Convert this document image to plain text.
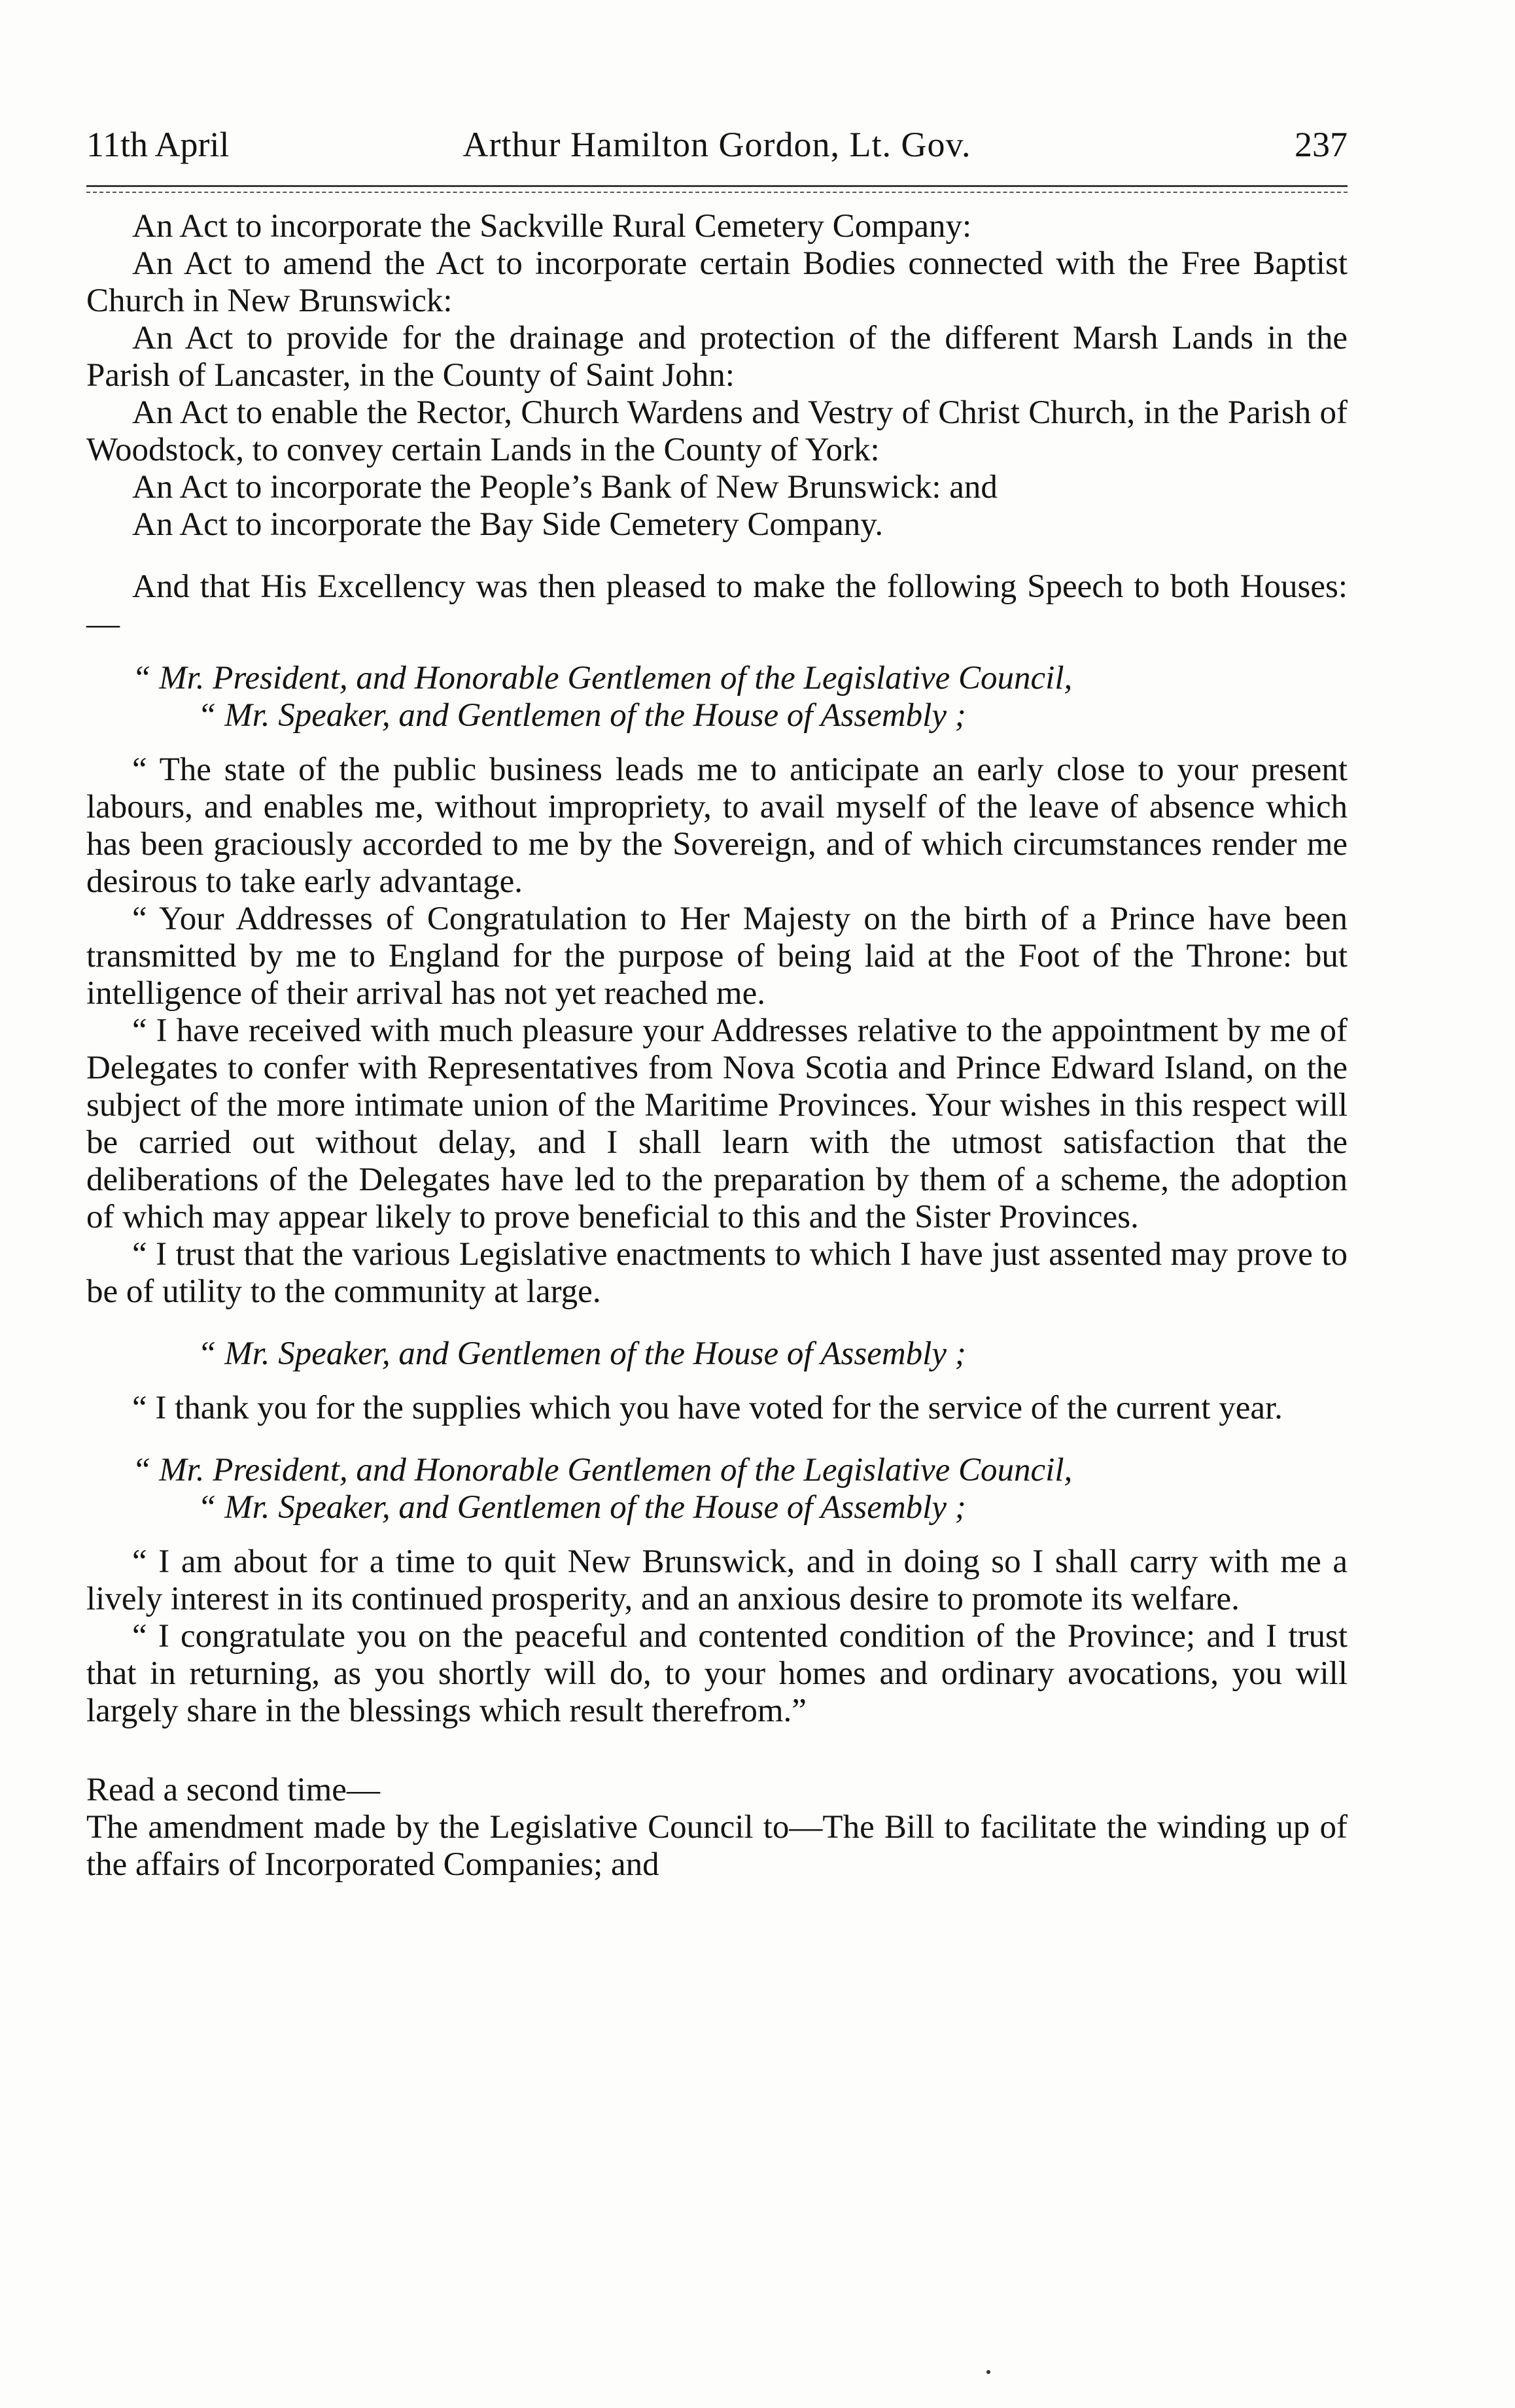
11th April	Arthur Hamilton Gordon, Lt. Gov.	237

An Act to incorporate the Sackville Rural Cemetery Company:

An Act to amend the Act to incorporate certain Bodies connected with the Free Baptist Church in New Brunswick:

An Act to provide for the drainage and protection of the different Marsh Lands in the Parish of Lancaster, in the County of Saint John:

An Act to enable the Rector, Church Wardens and Vestry of Christ Church, in the Parish of Woodstock, to convey certain Lands in the County of York:

An Act to incorporate the People’s Bank of New Brunswick: and

An Act to incorporate the Bay Side Cemetery Company.

And that His Excellency was then pleased to make the following Speech to both Houses:—

“ Mr. President, and Honorable Gentlemen of the Legislative Council,
“ Mr. Speaker, and Gentlemen of the House of Assembly ;

“ The state of the public business leads me to anticipate an early close to your present labours, and enables me, without impropriety, to avail myself of the leave of absence which has been graciously accorded to me by the Sovereign, and of which circumstances render me desirous to take early advantage.

“ Your Addresses of Congratulation to Her Majesty on the birth of a Prince have been transmitted by me to England for the purpose of being laid at the Foot of the Throne: but intelligence of their arrival has not yet reached me.

“ I have received with much pleasure your Addresses relative to the appointment by me of Delegates to confer with Representatives from Nova Scotia and Prince Edward Island, on the subject of the more intimate union of the Maritime Provinces. Your wishes in this respect will be carried out without delay, and I shall learn with the utmost satisfaction that the deliberations of the Delegates have led to the preparation by them of a scheme, the adoption of which may appear likely to prove beneficial to this and the Sister Provinces.

“ I trust that the various Legislative enactments to which I have just assented may prove to be of utility to the community at large.

“ Mr. Speaker, and Gentlemen of the House of Assembly ;

“ I thank you for the supplies which you have voted for the service of the current year.

“ Mr. President, and Honorable Gentlemen of the Legislative Council,
“ Mr. Speaker, and Gentlemen of the House of Assembly ;

“ I am about for a time to quit New Brunswick, and in doing so I shall carry with me a lively interest in its continued prosperity, and an anxious desire to promote its welfare.

“ I congratulate you on the peaceful and contented condition of the Province; and I trust that in returning, as you shortly will do, to your homes and ordinary avocations, you will largely share in the blessings which result therefrom.”

Read a second time—

The amendment made by the Legislative Council to—The Bill to facilitate the winding up of the affairs of Incorporated Companies; and
